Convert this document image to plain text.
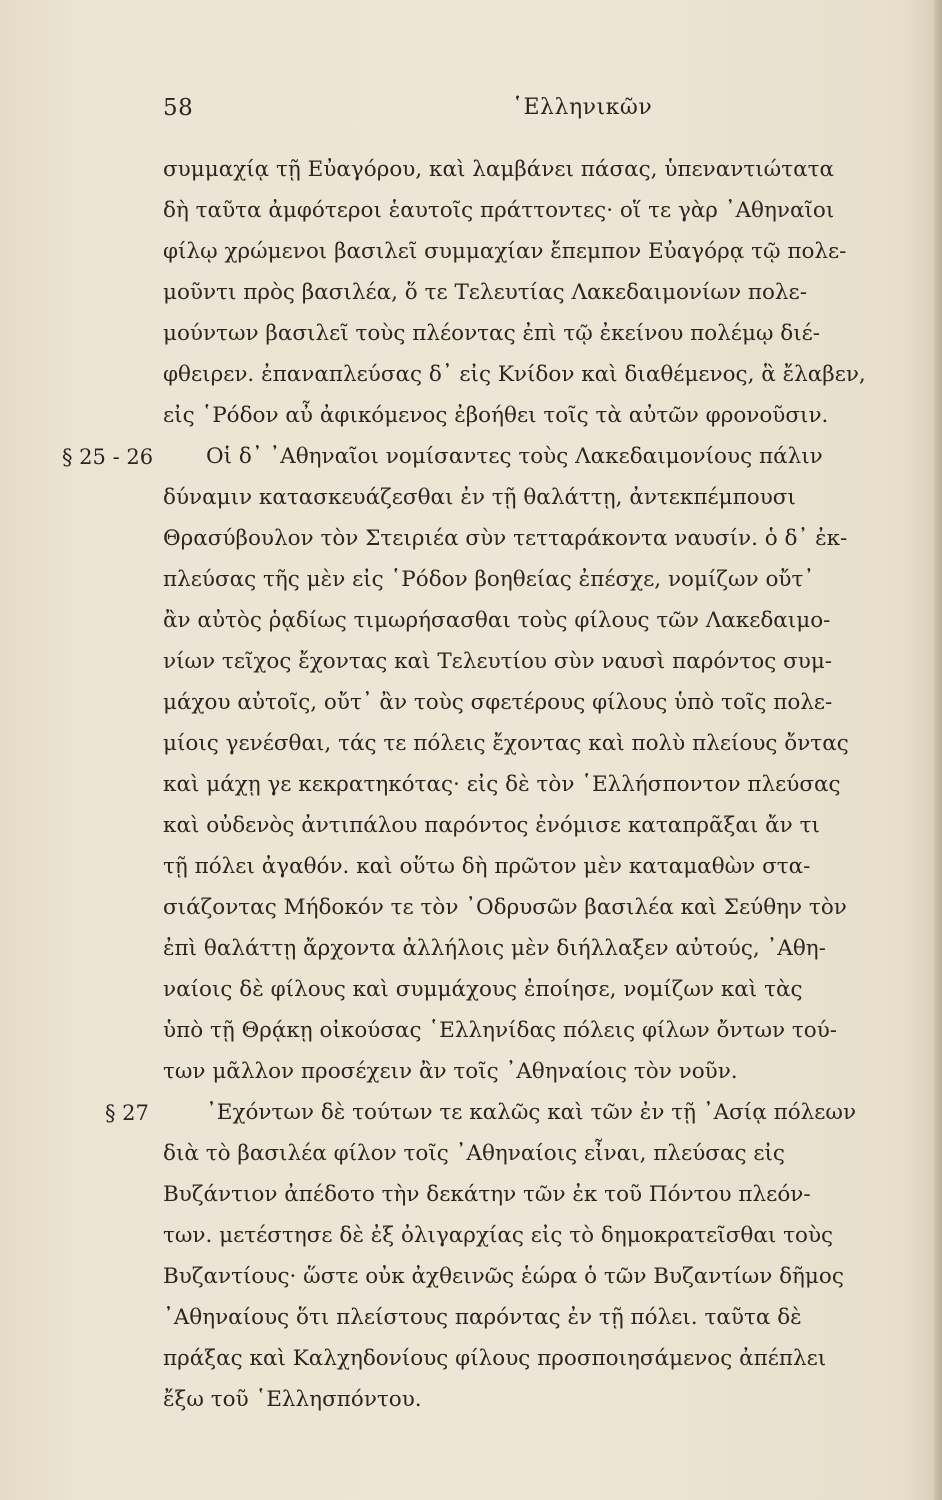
58	῾Ελληνικῶν
συμμαχίᾳ τῇ Εὐαγόρου, καὶ λαμβάνει πάσας, ὑπεναντιώτατα
δὴ ταῦτα ἀμφότεροι ἑαυτοῖς πράττοντες· οἵ τε γὰρ ᾿Αθηναῖοι
φίλῳ χρώμενοι βασιλεῖ συμμαχίαν ἔπεμπον Εὐαγόρᾳ τῷ πολε-
μοῦντι πρὸς βασιλέα, ὅ τε Τελευτίας Λακεδαιμονίων πολε-
μούντων βασιλεῖ τοὺς πλέοντας ἐπὶ τῷ ἐκείνου πολέμῳ διέ-
φθειρεν. ἐπαναπλεύσας δ᾿ εἰς Κνίδον καὶ διαθέμενος, ἃ ἔλαβεν,
εἰς ῾Ρόδον αὖ ἀφικόμενος ἐβοήθει τοῖς τὰ αὐτῶν φρονοῦσιν.
§ 25 - 26 Οἱ δ᾿ ᾿Αθηναῖοι νομίσαντες τοὺς Λακεδαιμονίους πάλιν
δύναμιν κατασκευάζεσθαι ἐν τῇ θαλάττῃ, ἀντεκπέμπουσι
Θρασύβουλον τὸν Στειριέα σὺν τετταράκοντα ναυσίν. ὁ δ᾿ ἐκ-
πλεύσας τῆς μὲν εἰς ῾Ρόδον βοηθείας ἐπέσχε, νομίζων οὔτ᾿
ἂν αὐτὸς ῥᾳδίως τιμωρήσασθαι τοὺς φίλους τῶν Λακεδαιμο-
νίων τεῖχος ἔχοντας καὶ Τελευτίου σὺν ναυσὶ παρόντος συμ-
μάχου αὐτοῖς, οὔτ᾿ ἂν τοὺς σφετέρους φίλους ὑπὸ τοῖς πολε-
μίοις γενέσθαι, τάς τε πόλεις ἔχοντας καὶ πολὺ πλείους ὄντας
καὶ μάχῃ γε κεκρατηκότας· εἰς δὲ τὸν ῾Ελλήσποντον πλεύσας
καὶ οὐδενὸς ἀντιπάλου παρόντος ἐνόμισε καταπρᾶξαι ἄν τι
τῇ πόλει ἀγαθόν. καὶ οὕτω δὴ πρῶτον μὲν καταμαθὼν στα-
σιάζοντας Μήδοκόν τε τὸν ᾿Οδρυσῶν βασιλέα καὶ Σεύθην τὸν
ἐπὶ θαλάττῃ ἄρχοντα ἀλλήλοις μὲν διήλλαξεν αὐτούς, ᾿Αθη-
ναίοις δὲ φίλους καὶ συμμάχους ἐποίησε, νομίζων καὶ τὰς
ὑπὸ τῇ Θρᾴκῃ οἰκούσας ῾Ελληνίδας πόλεις φίλων ὄντων τού-
των μᾶλλον προσέχειν ἂν τοῖς ᾿Αθηναίοις τὸν νοῦν.
§ 27	᾿Εχόντων δὲ τούτων τε καλῶς καὶ τῶν ἐν τῇ ᾿Ασίᾳ πόλεων
διὰ τὸ βασιλέα φίλον τοῖς ᾿Αθηναίοις εἶναι, πλεύσας εἰς
Βυζάντιον ἀπέδοτο τὴν δεκάτην τῶν ἐκ τοῦ Πόντου πλεόν-
των. μετέστησε δὲ ἐξ ὀλιγαρχίας εἰς τὸ δημοκρατεῖσθαι τοὺς
Βυζαντίους· ὥστε οὐκ ἀχθεινῶς ἑώρα ὁ τῶν Βυζαντίων δῆμος
᾿Αθηναίους ὅτι πλείστους παρόντας ἐν τῇ πόλει. ταῦτα δὲ
πράξας καὶ Καλχηδονίους φίλους προσποιησάμενος ἀπέπλει
ἔξω τοῦ ῾Ελλησπόντου.
